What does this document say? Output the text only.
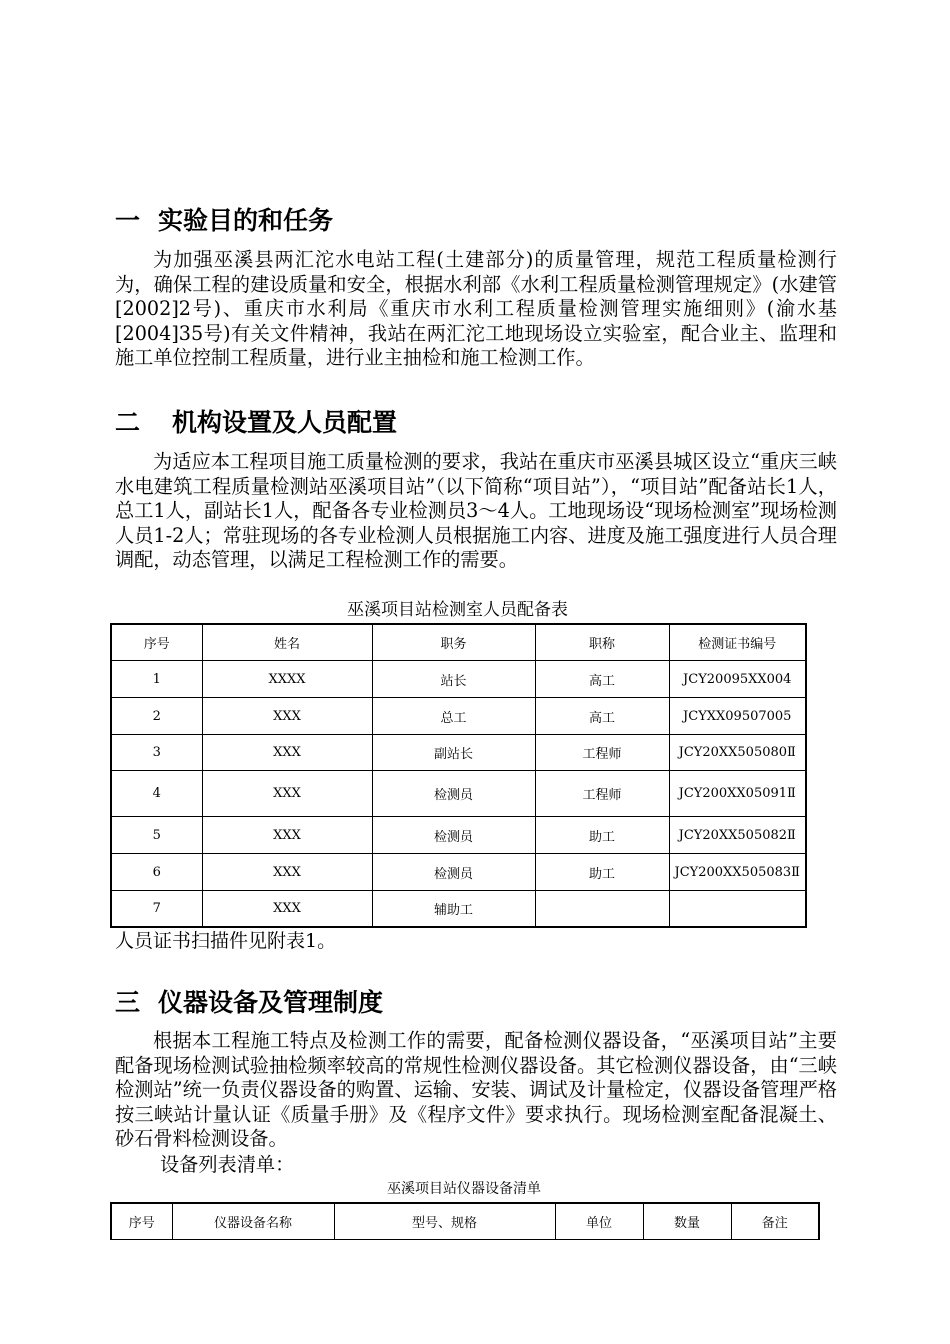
一 实验目的和任务

为加强巫溪县两汇沱水电站工程(土建部分)的质量管理，规范工程质量检测行为，确保工程的建设质量和安全，根据水利部《水利工程质量检测管理规定》(水建管[2002]2号)、重庆市水利局《重庆市水利工程质量检测管理实施细则》(渝水基[2004]35号)有关文件精神，我站在两汇沱工地现场设立实验室，配合业主、监理和施工单位控制工程质量，进行业主抽检和施工检测工作。

二 机构设置及人员配置

为适应本工程项目施工质量检测的要求，我站在重庆市巫溪县城区设立“重庆三峡水电建筑工程质量检测站巫溪项目站”（以下简称“项目站”），“项目站”配备站长1人，总工1人，副站长1人，配备各专业检测员3～4人。工地现场设“现场检测室”现场检测人员1-2人；常驻现场的各专业检测人员根据施工内容、进度及施工强度进行人员合理调配，动态管理，以满足工程检测工作的需要。

巫溪项目站检测室人员配备表
序号	姓名	职务	职称	检测证书编号
1	XXXX	站长	高工	JCY20095XX004
2	XXX	总工	高工	JCYXX09507005
3	XXX	副站长	工程师	JCY20XX505080Ⅱ
4	XXX	检测员	工程师	JCY200XX05091Ⅱ
5	XXX	检测员	助工	JCY20XX505082Ⅱ
6	XXX	检测员	助工	JCY200XX505083Ⅱ
7	XXX	辅助工		

人员证书扫描件见附表1。

三 仪器设备及管理制度

根据本工程施工特点及检测工作的需要，配备检测仪器设备，“巫溪项目站”主要配备现场检测试验抽检频率较高的常规性检测仪器设备。其它检测仪器设备，由“三峡检测站”统一负责仪器设备的购置、运输、安装、调试及计量检定，仪器设备管理严格按三峡站计量认证《质量手册》及《程序文件》要求执行。现场检测室配备混凝土、砂石骨料检测设备。

设备列表清单：

巫溪项目站仪器设备清单
序号	仪器设备名称	型号、规格	单位	数量	备注
